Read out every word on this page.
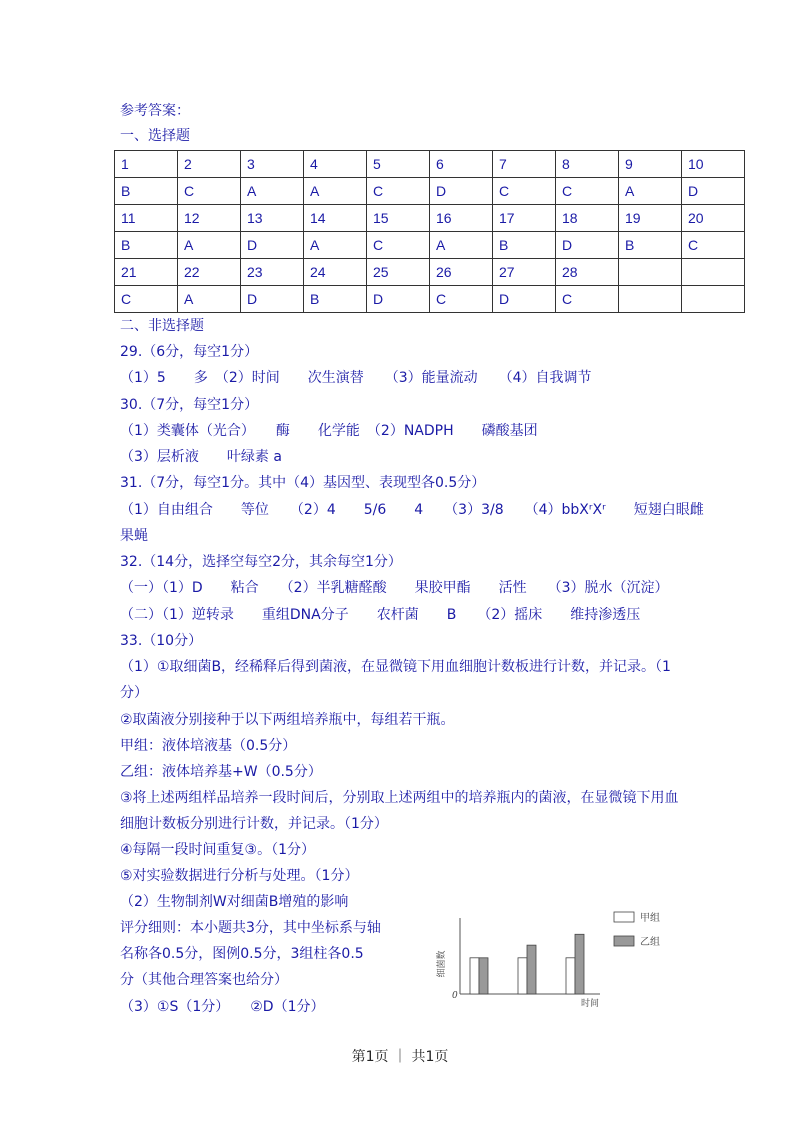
参考答案：
一、选择题
1	2	3	4	5	6	7	8	9	10
B	C	A	A	C	D	C	C	A	D
11	12	13	14	15	16	17	18	19	20
B	A	D	A	C	A	B	D	B	C
21	22	23	24	25	26	27	28		
C	A	D	B	D	C	D	C		
二、非选择题
29.（6分，每空1分）
（1）5　　多　（2）时间　　次生演替　　（3）能量流动　　（4）自我调节
30.（7分，每空1分）
（1）类囊体（光合）　　酶　　化学能　（2）NADPH　　磷酸基团
（3）层析液　　叶绿素 a
31.（7分，每空1分。其中（4）基因型、表现型各0.5分）
（1）自由组合　　等位　　（2）4　　5/6　　4　　（3）3/8　　（4）bbXʳXʳ　　短翅白眼雌
果蝇
32.（14分，选择空每空2分，其余每空1分）
（一）（1）D　　粘合　　（2）半乳糖醛酸　　果胶甲酯　　活性　　（3）脱水（沉淀）
（二）（1）逆转录　　重组DNA分子　　农杆菌　　B　　（2）摇床　　维持渗透压
33.（10分）
（1）①取细菌B，经稀释后得到菌液，在显微镜下用血细胞计数板进行计数，并记录。（1
分）
②取菌液分别接种于以下两组培养瓶中，每组若干瓶。
甲组：液体培液基（0.5分）
乙组：液体培养基+W（0.5分）
③将上述两组样品培养一段时间后，分别取上述两组中的培养瓶内的菌液，在显微镜下用血
细胞计数板分别进行计数，并记录。（1分）
④每隔一段时间重复③。（1分）
⑤对实验数据进行分析与处理。（1分）
（2）生物制剂W对细菌B增殖的影响
评分细则：本小题共3分，其中坐标系与轴
名称各0.5分，图例0.5分，3组柱各0.5
分（其他合理答案也给分）
（3）①S（1分）　　②D（1分）
细菌数
时间
0
甲组
乙组
第1页 ｜ 共1页
